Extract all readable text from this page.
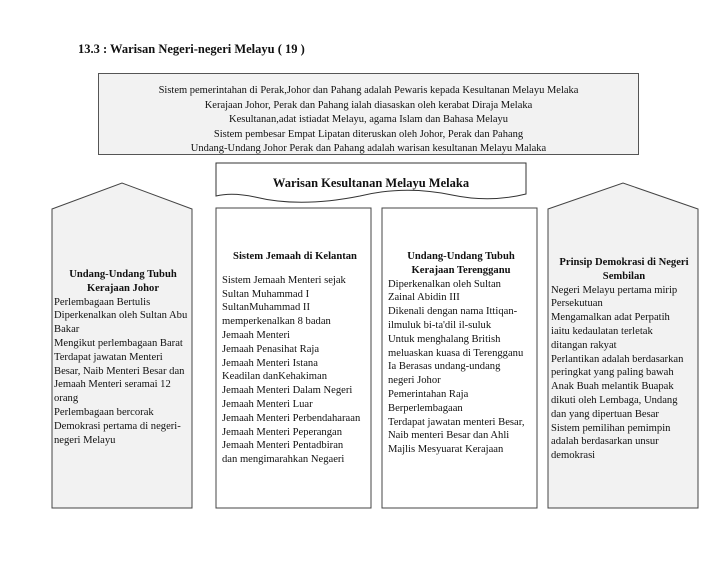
13.3 : Warisan Negeri-negeri Melayu ( 19 )
Sistem pemerintahan di Perak,Johor dan Pahang adalah Pewaris kepada Kesultanan Melayu Melaka
Kerajaan Johor, Perak dan Pahang ialah diasaskan oleh kerabat Diraja Melaka
Kesultanan,adat istiadat Melayu, agama Islam dan Bahasa Melayu
Sistem pembesar Empat Lipatan diteruskan oleh Johor, Perak dan Pahang
Undang-Undang Johor Perak dan Pahang adalah warisan kesultanan Melayu Malaka
Warisan Kesultanan Melayu Melaka
Undang-Undang Tubuh
Kerajaan Johor
Perlembagaan Bertulis
Diperkenalkan oleh Sultan Abu
Bakar
Mengikut perlembagaan Barat
Terdapat jawatan Menteri
Besar, Naib Menteri Besar dan
Jemaah Menteri seramai 12
orang
Perlembagaan bercorak
Demokrasi pertama di negeri-
negeri Melayu
Sistem Jemaah di Kelantan
Sistem Jemaah Menteri sejak
Sultan Muhammad I
SultanMuhammad II
memperkenalkan 8 badan
Jemaah Menteri
Jemaah Penasihat Raja
Jemaah Menteri Istana
Keadilan danKehakiman
Jemaah Menteri Dalam Negeri
Jemaah Menteri Luar
Jemaah Menteri Perbendaharaan
Jemaah Menteri Peperangan
Jemaah Menteri Pentadbiran
dan mengimarahkan Negaeri
Undang-Undang Tubuh
Kerajaan Terengganu
Diperkenalkan oleh Sultan
Zainal Abidin III
Dikenali dengan nama Ittiqan-
ilmuluk bi-ta'dil il-suluk
Untuk menghalang British
meluaskan kuasa di Terengganu
Ia Berasas undang-undang
negeri Johor
Pemerintahan Raja
Berperlembagaan
Terdapat jawatan menteri Besar,
Naib menteri Besar dan Ahli
Majlis Mesyuarat Kerajaan
Prinsip Demokrasi di Negeri
Sembilan
Negeri Melayu pertama mirip
Persekutuan
Mengamalkan adat Perpatih
iaitu kedaulatan terletak
ditangan rakyat
Perlantikan adalah berdasarkan
peringkat yang paling bawah
Anak Buah melantik Buapak
dikuti oleh Lembaga, Undang
dan yang dipertuan Besar
Sistem pemilihan pemimpin
adalah berdasarkan unsur
demokrasi
